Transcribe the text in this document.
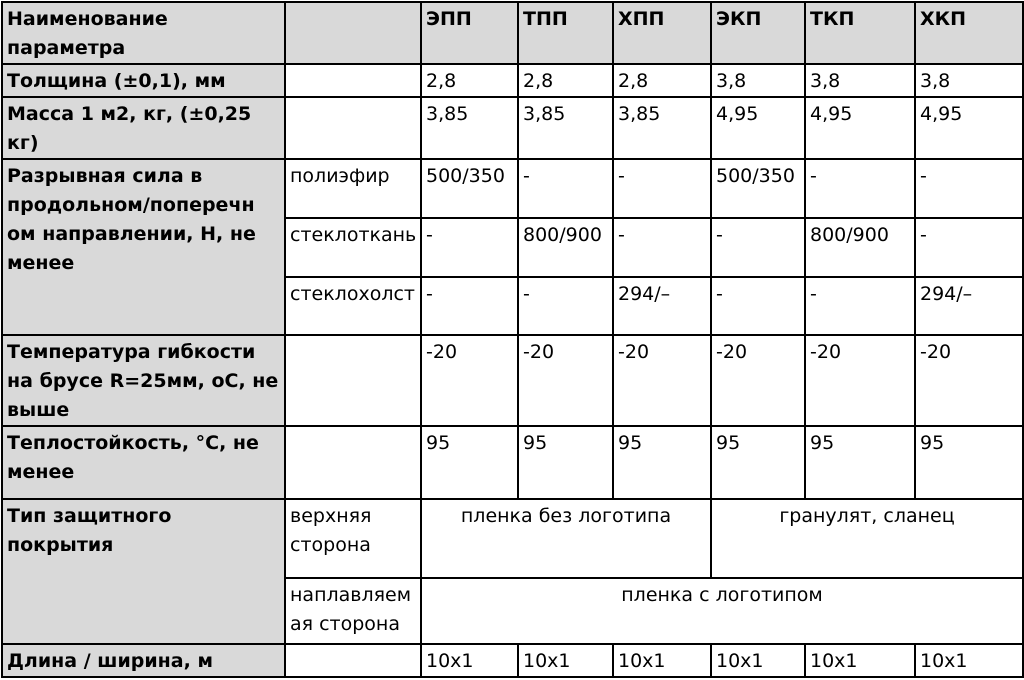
Наименование параметра		ЭПП	ТПП	ХПП	ЭКП	ТКП	ХКП
Толщина (±0,1), мм		2,8	2,8	2,8	3,8	3,8	3,8
Масса 1 м2, кг, (±0,25 кг)		3,85	3,85	3,85	4,95	4,95	4,95
Разрывная сила в продольном/поперечн ом направлении, Н, не менее	полиэфир	500/350	-	-	500/350	-	-
	стеклоткань	-	800/900	-	-	800/900	-
	стеклохолст	-	-	294/–	-	-	294/–
Температура гибкости на брусе R=25мм, оС, не выше		-20	-20	-20	-20	-20	-20
Теплостойкость, °С, не менее		95	95	95	95	95	95
Тип защитного покрытия	верхняя сторона	пленка без логотипа			гранулят, сланец		
	наплавляем ая сторона	пленка с логотипом					
Длина / ширина, м		10х1	10х1	10х1	10х1	10х1	10х1
